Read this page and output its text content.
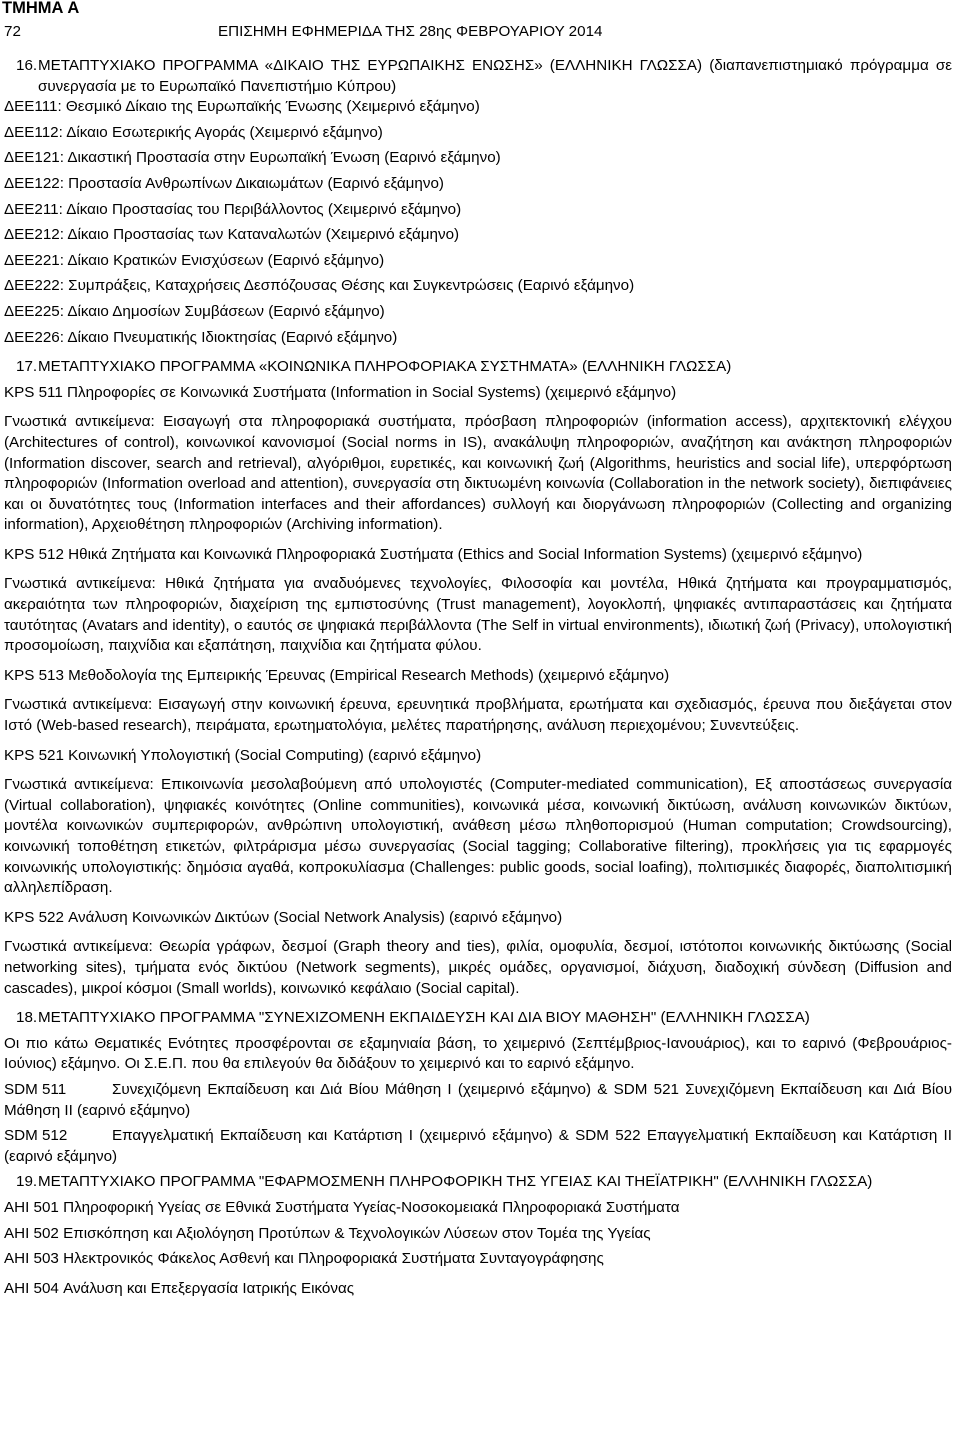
ΤΜΗΜΑ Α
72	ΕΠΙΣΗΜΗ ΕΦΗΜΕΡΙΔΑ ΤΗΣ 28ης ΦΕΒΡΟΥΑΡΙΟΥ 2014
16. ΜΕΤΑΠΤΥΧΙΑΚΟ ΠΡΟΓΡΑΜΜΑ «ΔΙΚΑΙΟ ΤΗΣ ΕΥΡΩΠΑΙΚΗΣ ΕΝΩΣΗΣ» (ΕΛΛΗΝΙΚΗ ΓΛΩΣΣΑ) (διαπανεπιστημιακό πρόγραμμα σε συνεργασία με το Ευρωπαϊκό Πανεπιστήμιο Κύπρου)
ΔΕΕ111: Θεσμικό Δίκαιο της Ευρωπαϊκής Ένωσης (Χειμερινό εξάμηνο)
ΔΕΕ112: Δίκαιο Εσωτερικής Αγοράς (Χειμερινό εξάμηνο)
ΔΕΕ121: Δικαστική Προστασία στην Ευρωπαϊκή Ένωση (Εαρινό εξάμηνο)
ΔΕΕ122: Προστασία Ανθρωπίνων Δικαιωμάτων (Εαρινό εξάμηνο)
ΔΕΕ211: Δίκαιο Προστασίας του Περιβάλλοντος (Χειμερινό εξάμηνο)
ΔΕΕ212: Δίκαιο Προστασίας των Καταναλωτών (Χειμερινό εξάμηνο)
ΔΕΕ221: Δίκαιο Κρατικών Ενισχύσεων (Εαρινό εξάμηνο)
ΔΕΕ222: Συμπράξεις, Καταχρήσεις Δεσπόζουσας Θέσης και Συγκεντρώσεις (Εαρινό εξάμηνο)
ΔΕΕ225: Δίκαιο Δημοσίων Συμβάσεων (Εαρινό εξάμηνο)
ΔΕΕ226: Δίκαιο Πνευματικής Ιδιοκτησίας (Εαρινό εξάμηνο)
17. ΜΕΤΑΠΤΥΧΙΑΚΟ ΠΡΟΓΡΑΜΜΑ «ΚΟΙΝΩΝΙΚΑ ΠΛΗΡΟΦΟΡΙΑΚΑ ΣΥΣΤΗΜΑΤΑ» (ΕΛΛΗΝΙΚΗ ΓΛΩΣΣΑ)

KPS 511 Πληροφορίες σε Κοινωνικά Συστήματα (Information in Social Systems) (χειμερινό εξάμηνο)

Γνωστικά αντικείμενα: Εισαγωγή στα πληροφοριακά συστήματα, πρόσβαση πληροφοριών (information access), αρχιτεκτονική ελέγχου (Architectures of control), κοινωνικοί κανονισμοί (Social norms in IS), ανακάλυψη πληροφοριών, αναζήτηση και ανάκτηση πληροφοριών (Information discover, search and retrieval), αλγόριθμοι, ευρετικές, και κοινωνική ζωή (Algorithms, heuristics and social life), υπερφόρτωση πληροφοριών (Information overload and attention), συνεργασία στη δικτυωμένη κοινωνία (Collaboration in the network society), διεπιφάνειες και οι δυνατότητες τους (Information interfaces and their affordances) συλλογή και διοργάνωση πληροφοριών (Collecting and organizing information), Αρχειοθέτηση πληροφοριών (Archiving information).

KPS 512 Ηθικά Ζητήματα και Κοινωνικά Πληροφοριακά Συστήματα (Ethics and Social Information Systems) (χειμερινό εξάμηνο)

Γνωστικά αντικείμενα: Ηθικά ζητήματα για αναδυόμενες τεχνολογίες, Φιλοσοφία και μοντέλα, Ηθικά ζητήματα και προγραμματισμός, ακεραιότητα των πληροφοριών, διαχείριση της εμπιστοσύνης (Trust management), λογοκλοπή, ψηφιακές αντιπαραστάσεις και ζητήματα ταυτότητας (Avatars and identity), ο εαυτός σε ψηφιακά περιβάλλοντα (The Self in virtual environments), ιδιωτική ζωή (Privacy), υπολογιστική προσομοίωση, παιχνίδια και εξαπάτηση, παιχνίδια και ζητήματα φύλου.

KPS 513 Μεθοδολογία της Εμπειρικής Έρευνας (Empirical Research Methods) (χειμερινό εξάμηνο)

Γνωστικά αντικείμενα: Εισαγωγή στην κοινωνική έρευνα, ερευνητικά προβλήματα, ερωτήματα και σχεδιασμός, έρευνα που διεξάγεται στον Ιστό (Web-based research), πειράματα, ερωτηματολόγια, μελέτες παρατήρησης, ανάλυση περιεχομένου; Συνεντεύξεις.

KPS 521 Κοινωνική Υπολογιστική (Social Computing) (εαρινό εξάμηνο)

Γνωστικά αντικείμενα: Επικοινωνία μεσολαβούμενη από υπολογιστές (Computer-mediated communication), Εξ αποστάσεως συνεργασία (Virtual collaboration), ψηφιακές κοινότητες (Online communities), κοινωνικά μέσα, κοινωνική δικτύωση, ανάλυση κοινωνικών δικτύων, μοντέλα κοινωνικών συμπεριφορών, ανθρώπινη υπολογιστική, ανάθεση μέσω πληθοπορισμού (Human computation; Crowdsourcing), κοινωνική τοποθέτηση ετικετών, φιλτράρισμα μέσω συνεργασίας (Social tagging; Collaborative filtering), προκλήσεις για τις εφαρμογές κοινωνικής υπολογιστικής: δημόσια αγαθά, κοπροκυλίασμα (Challenges: public goods, social loafing), πολιτισμικές διαφορές, διαπολιτισμική αλληλεπίδραση.

KPS 522 Ανάλυση Κοινωνικών Δικτύων (Social Network Analysis) (εαρινό εξάμηνο)

Γνωστικά αντικείμενα: Θεωρία γράφων, δεσμοί (Graph theory and ties), φιλία, ομοφυλία, δεσμοί, ιστότοποι κοινωνικής δικτύωσης (Social networking sites), τμήματα ενός δικτύου (Network segments), μικρές ομάδες, οργανισμοί, διάχυση, διαδοχική σύνδεση (Diffusion and cascades), μικροί κόσμοι (Small worlds), κοινωνικό κεφάλαιο (Social capital).

18. ΜΕΤΑΠΤΥΧΙΑΚΟ ΠΡΟΓΡΑΜΜΑ "ΣΥΝΕΧΙΖΟΜΕΝΗ ΕΚΠΑΙΔΕΥΣΗ ΚΑΙ ΔΙΑ ΒΙΟΥ ΜΑΘΗΣΗ" (ΕΛΛΗΝΙΚΗ ΓΛΩΣΣΑ)

Οι πιο κάτω Θεματικές Ενότητες προσφέρονται σε εξαμηνιαία βάση, το χειμερινό (Σεπτέμβριος-Ιανουάριος), και το εαρινό (Φεβρουάριος-Ιούνιος) εξάμηνο. Οι Σ.Ε.Π. που θα επιλεγούν θα διδάξουν το χειμερινό και το εαρινό εξάμηνο.

SDM 511	Συνεχιζόμενη Εκπαίδευση και Διά Βίου Μάθηση Ι (χειμερινό εξάμηνο) & SDM 521 Συνεχιζόμενη Εκπαίδευση και Διά Βίου Μάθηση ΙΙ (εαρινό εξάμηνο)

SDM 512	Επαγγελματική Εκπαίδευση και Κατάρτιση Ι (χειμερινό εξάμηνο) & SDM 522 Επαγγελματική Εκπαίδευση και Κατάρτιση ΙΙ (εαρινό εξάμηνο)

19. ΜΕΤΑΠΤΥΧΙΑΚΟ ΠΡΟΓΡΑΜΜΑ "ΕΦΑΡΜΟΣΜΕΝΗ ΠΛΗΡΟΦΟΡΙΚΗ ΤΗΣ ΥΓΕΙΑΣ ΚΑΙ ΤΗΕΪΑΤΡΙΚΗ" (ΕΛΛΗΝΙΚΗ ΓΛΩΣΣΑ)
AHI 501 Πληροφορική Υγείας σε Εθνικά Συστήματα Υγείας-Νοσοκομειακά Πληροφοριακά Συστήματα
AHI 502 Επισκόπηση και Αξιολόγηση Προτύπων & Τεχνολογικών Λύσεων στον Τομέα της Υγείας
AHI 503 Ηλεκτρονικός Φάκελος Ασθενή και Πληροφοριακά Συστήματα Συνταγογράφησης
AHI 504 Ανάλυση και Επεξεργασία Ιατρικής Εικόνας
